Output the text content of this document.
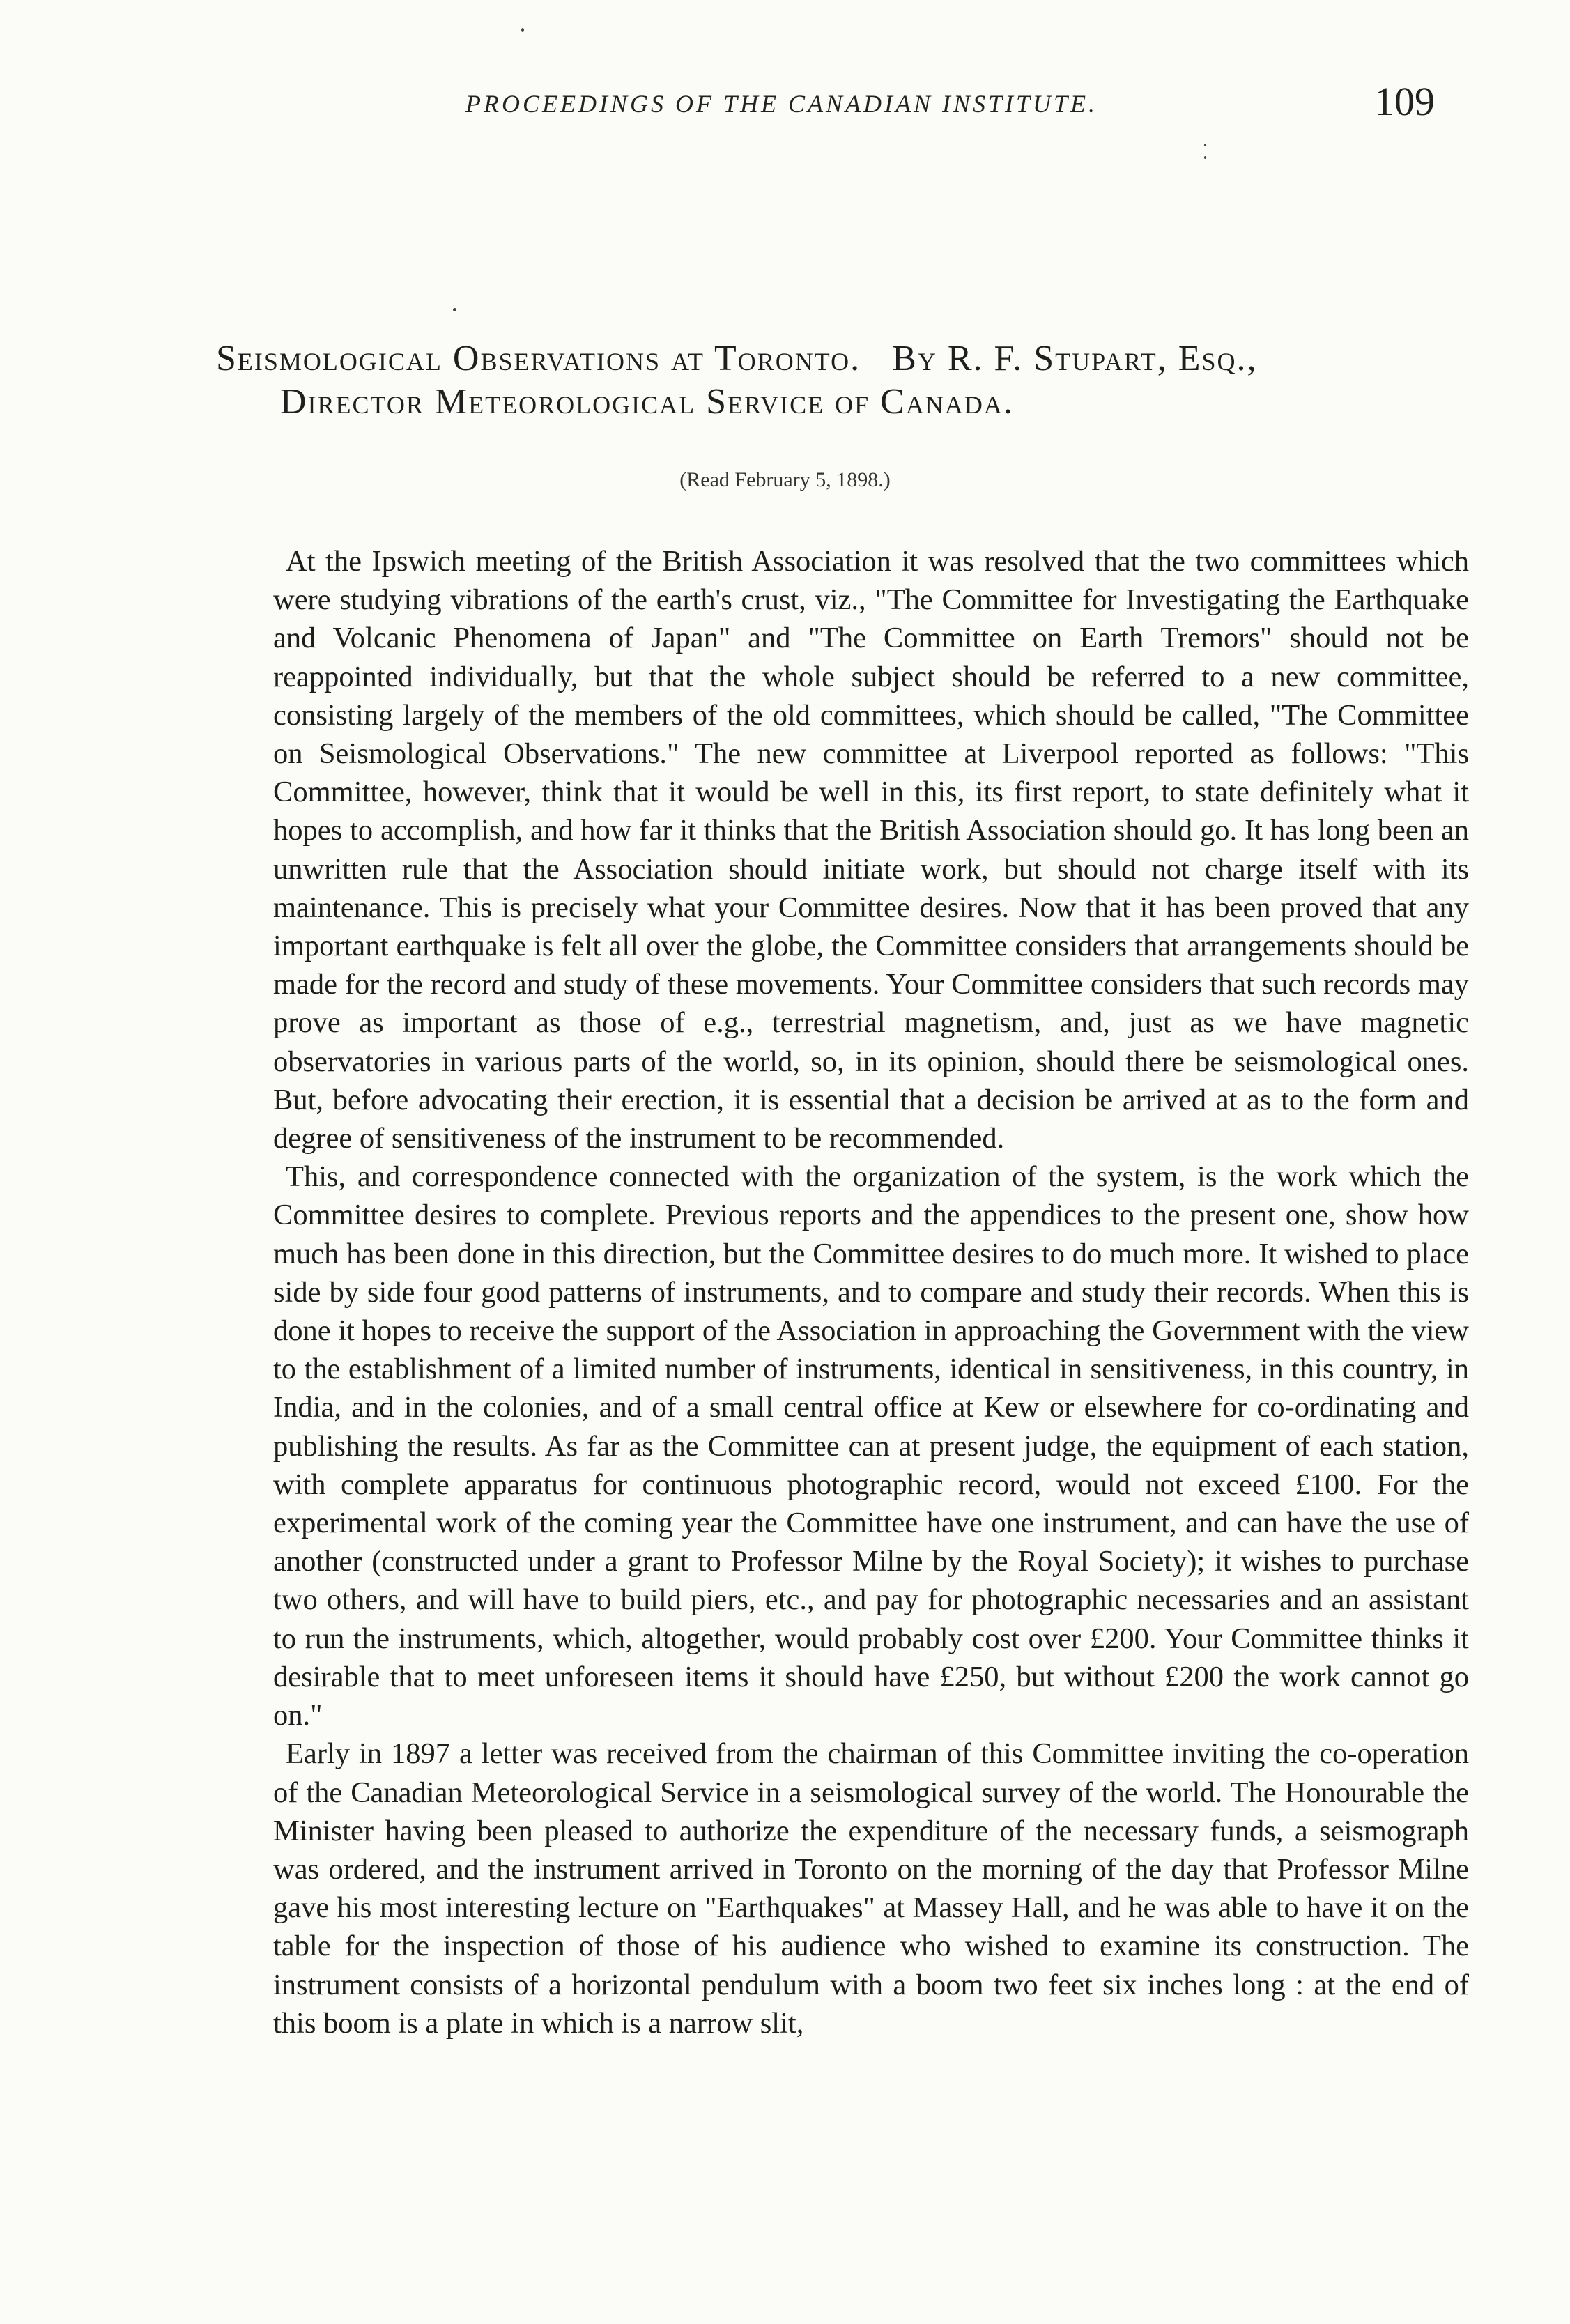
PROCEEDINGS OF THE CANADIAN INSTITUTE.	109
Seismological Observations at Toronto.   By R. F. Stupart, Esq.,
Director Meteorological Service of Canada.
(Read February 5, 1898.)

At the Ipswich meeting of the British Association it was resolved that the two committees which were studying vibrations of the earth's crust, viz., "The Committee for Investigating the Earthquake and Volcanic Phenomena of Japan" and "The Committee on Earth Tremors" should not be reappointed individually, but that the whole subject should be referred to a new committee, consisting largely of the members of the old committees, which should be called, "The Committee on Seismological Observations." The new committee at Liverpool reported as follows: "This Committee, however, think that it would be well in this, its first report, to state definitely what it hopes to accomplish, and how far it thinks that the British Association should go. It has long been an unwritten rule that the Association should initiate work, but should not charge itself with its maintenance. This is precisely what your Committee desires. Now that it has been proved that any important earthquake is felt all over the globe, the Committee considers that arrangements should be made for the record and study of these movements. Your Committee considers that such records may prove as important as those of e.g., terrestrial magnetism, and, just as we have magnetic observatories in various parts of the world, so, in its opinion, should there be seismological ones. But, before advocating their erection, it is essential that a decision be arrived at as to the form and degree of sensitiveness of the instrument to be recommended.

This, and correspondence connected with the organization of the system, is the work which the Committee desires to complete. Previous reports and the appendices to the present one, show how much has been done in this direction, but the Committee desires to do much more. It wished to place side by side four good patterns of instruments, and to compare and study their records. When this is done it hopes to receive the support of the Association in approaching the Government with the view to the establishment of a limited number of instruments, identical in sensitiveness, in this country, in India, and in the colonies, and of a small central office at Kew or elsewhere for co-ordinating and publishing the results. As far as the Committee can at present judge, the equipment of each station, with complete apparatus for continuous photographic record, would not exceed £100. For the experimental work of the coming year the Committee have one instrument, and can have the use of another (constructed under a grant to Professor Milne by the Royal Society); it wishes to purchase two others, and will have to build piers, etc., and pay for photographic necessaries and an assistant to run the instruments, which, altogether, would probably cost over £200. Your Committee thinks it desirable that to meet unforeseen items it should have £250, but without £200 the work cannot go on."

Early in 1897 a letter was received from the chairman of this Committee inviting the co-operation of the Canadian Meteorological Service in a seismological survey of the world. The Honourable the Minister having been pleased to authorize the expenditure of the necessary funds, a seismograph was ordered, and the instrument arrived in Toronto on the morning of the day that Professor Milne gave his most interesting lecture on "Earthquakes" at Massey Hall, and he was able to have it on the table for the inspection of those of his audience who wished to examine its construction. The instrument consists of a horizontal pendulum with a boom two feet six inches long : at the end of this boom is a plate in which is a narrow slit,
